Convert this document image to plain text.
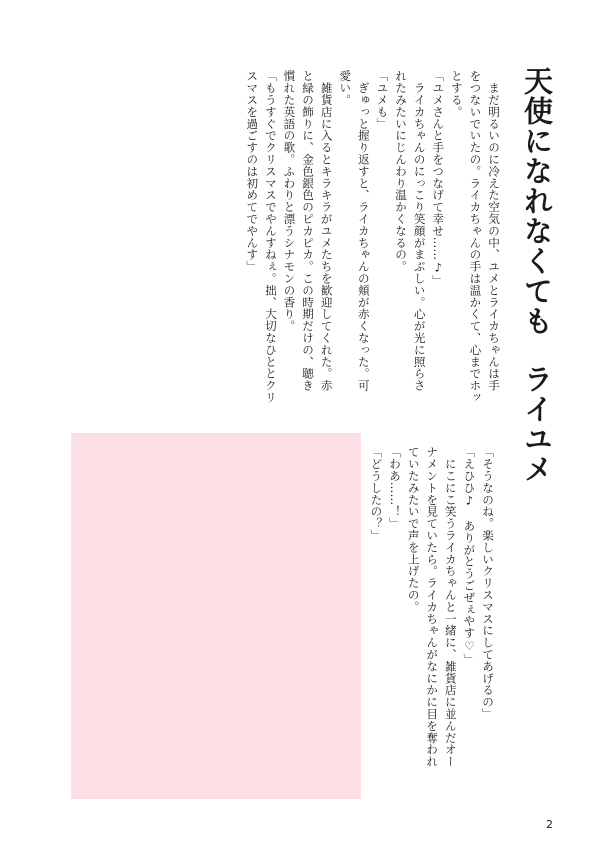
天使になれなくてもライユメ

　まだ明るいのに冷えた空気の中、ユメとライカちゃんは手

をつないでいたの。ライカちゃんの手は温かくて、心までホッ

とする。

「ユメさんと手をつなげて幸せ……♪」

　ライカちゃんのにっこり笑顔がまぶしい。心が光に照らさ

れたみたいにじんわり温かくなるの。

「ユメも」

　ぎゅっと握り返すと、ライカちゃんの頬が赤くなった。可

愛い。

　雑貨店に入るとキラキラがユメたちを歓迎してくれた。赤

と緑の飾りに、金色銀色のピカピカ。この時期だけの、聴き

慣れた英語の歌。ふわりと漂うシナモンの香り。

「もうすぐでクリスマスでやんすねぇ。拙、大切なひととクリ

スマスを過ごすのは初めてでやんす」

「そうなのね。楽しいクリスマスにしてあげるの」

「えひひ♪　ありがとうごぜぇやす♡」

　にこにこ笑うライカちゃんと一緒に、雑貨店に並んだオー

ナメントを見ていたら。ライカちゃんがなにかに目を奪われ

ていたみたいで声を上げたの。

「わあ……！」

「どうしたの？」

2
